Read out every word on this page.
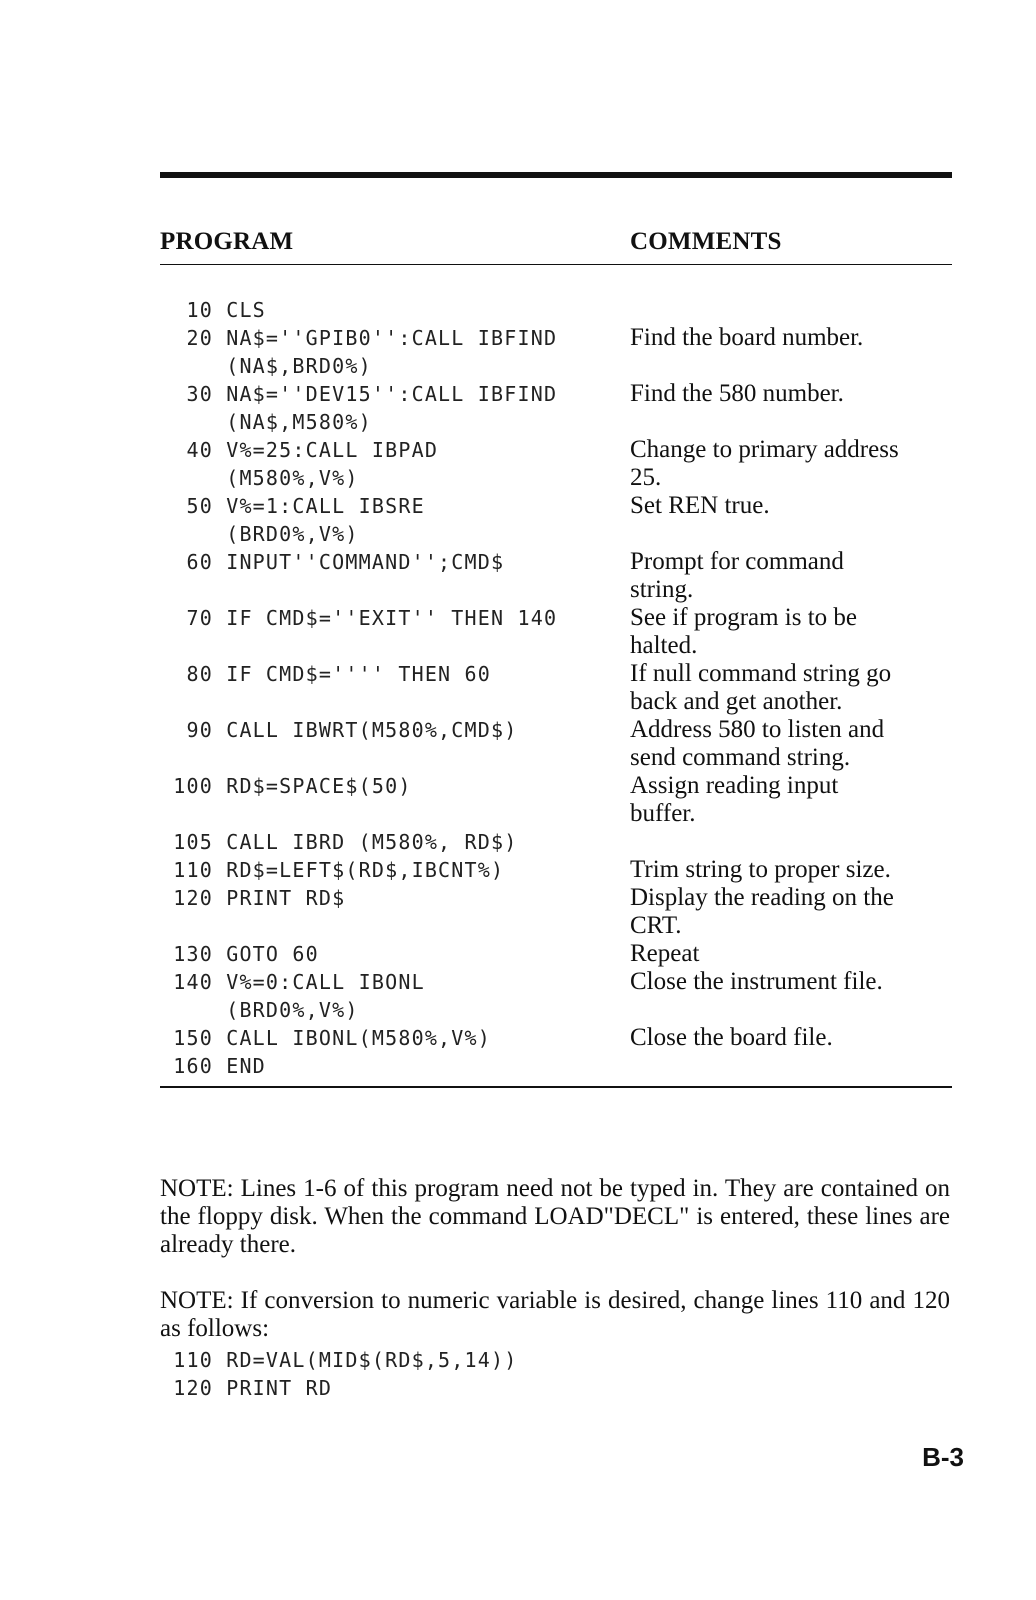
PROGRAM	COMMENTS
10 CLS
20 NA$=''GPIB0'':CALL IBFIND	Find the board number.
(NA$,BRD0%)
30 NA$=''DEV15'':CALL IBFIND	Find the 580 number.
(NA$,M580%)
40 V%=25:CALL IBPAD	Change to primary address
(M580%,V%)	25.
50 V%=1:CALL IBSRE	Set REN true.
(BRD0%,V%)
60 INPUT''COMMAND'';CMD$	Prompt for command
string.
70 IF CMD$=''EXIT'' THEN 140	See if program is to be
halted.
80 IF CMD$='''' THEN 60	If null command string go
back and get another.
90 CALL IBWRT(M580%,CMD$)	Address 580 to listen and
send command string.
100 RD$=SPACE$(50)	Assign reading input
buffer.
105 CALL IBRD (M580%, RD$)
110 RD$=LEFT$(RD$,IBCNT%)	Trim string to proper size.
120 PRINT RD$	Display the reading on the
CRT.
130 GOTO 60	Repeat
140 V%=0:CALL IBONL	Close the instrument file.
(BRD0%,V%)
150 CALL IBONL(M580%,V%)	Close the board file.
160 END

NOTE: Lines 1-6 of this program need not be typed in. They are contained on the floppy disk. When the command LOAD"DECL" is entered, these lines are already there.

NOTE: If conversion to numeric variable is desired, change lines 110 and 120 as follows:

110 RD=VAL(MID$(RD$,5,14))
120 PRINT RD
B-3
